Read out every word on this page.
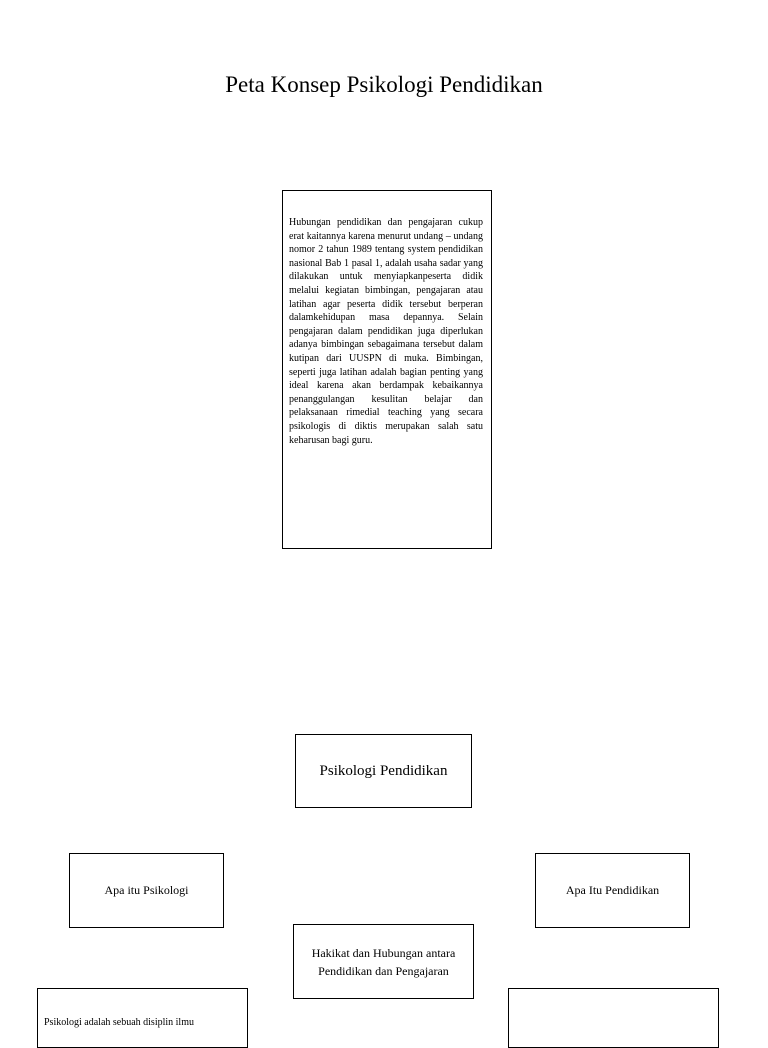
Peta Konsep Psikologi Pendidikan

Hubungan pendidikan dan pengajaran cukup erat kaitannya karena menurut undang – undang nomor 2 tahun 1989 tentang system pendidikan nasional Bab 1 pasal 1, adalah usaha sadar yang dilakukan untuk menyiapkanpeserta didik melalui kegiatan bimbingan, pengajaran atau latihan agar peserta didik tersebut berperan dalamkehidupan masa depannya. Selain pengajaran dalam pendidikan juga diperlukan adanya bimbingan sebagaimana tersebut dalam kutipan dari UUSPN di muka. Bimbingan, seperti juga latihan adalah bagian penting yang ideal karena akan berdampak kebaikannya penanggulangan kesulitan belajar dan pelaksanaan rimedial teaching yang secara psikologis di diktis merupakan salah satu keharusan bagi guru.

Psikologi Pendidikan
Apa itu Psikologi	Apa Itu Pendidikan
Hakikat dan Hubungan antara Pendidikan dan Pengajaran
Psikologi adalah sebuah disiplin ilmu
